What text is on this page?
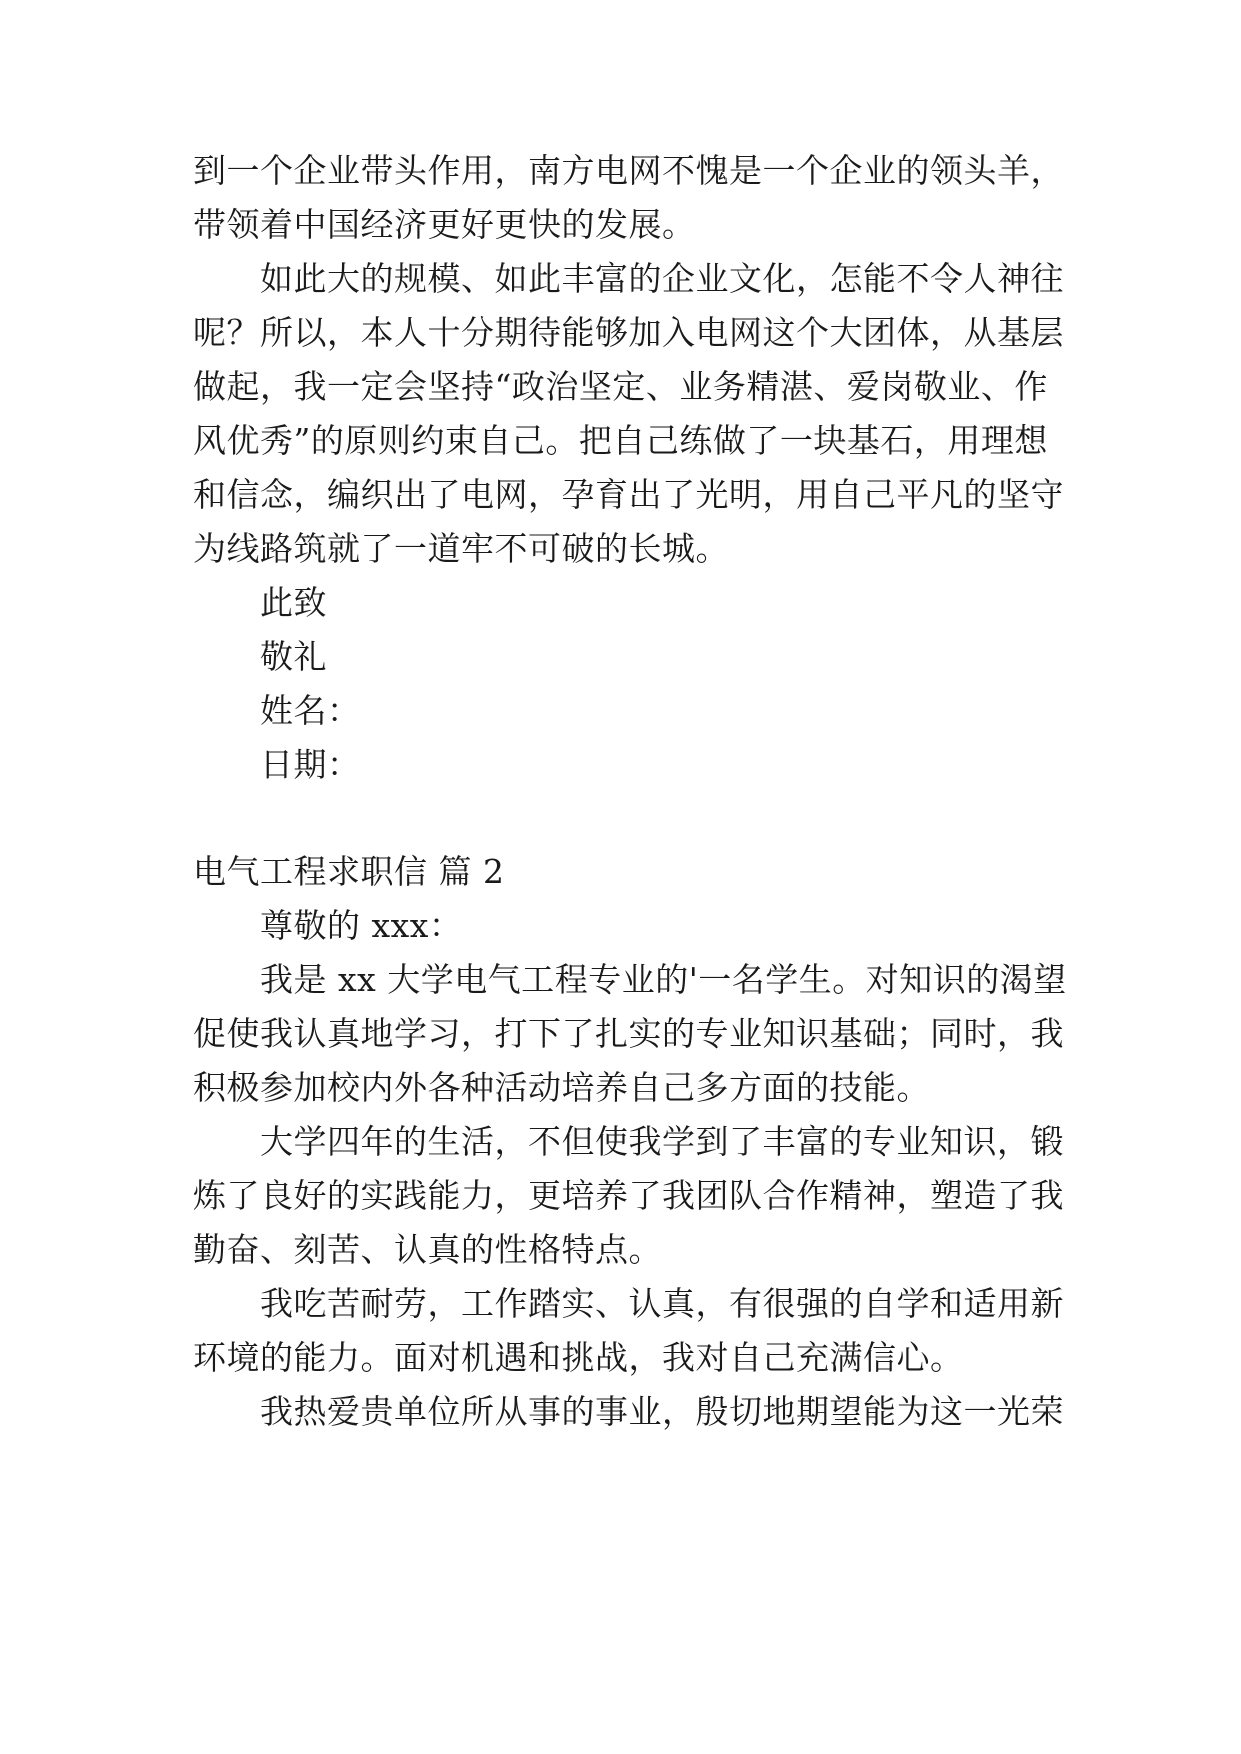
到一个企业带头作用，南方电网不愧是一个企业的领头羊，
带领着中国经济更好更快的发展。
如此大的规模、如此丰富的企业文化，怎能不令人神往
呢？所以，本人十分期待能够加入电网这个大团体，从基层
做起，我一定会坚持“政治坚定、业务精湛、爱岗敬业、作
风优秀”的原则约束自己。把自己练做了一块基石，用理想
和信念，编织出了电网，孕育出了光明，用自己平凡的坚守
为线路筑就了一道牢不可破的长城。
此致
敬礼
姓名：
日期：
电气工程求职信 篇 2
尊敬的 xxx：
我是 xx 大学电气工程专业的'一名学生。对知识的渴望
促使我认真地学习，打下了扎实的专业知识基础；同时，我
积极参加校内外各种活动培养自己多方面的技能。
大学四年的生活，不但使我学到了丰富的专业知识，锻
炼了良好的实践能力，更培养了我团队合作精神，塑造了我
勤奋、刻苦、认真的性格特点。
我吃苦耐劳，工作踏实、认真，有很强的自学和适用新
环境的能力。面对机遇和挑战，我对自己充满信心。
我热爱贵单位所从事的事业，殷切地期望能为这一光荣
